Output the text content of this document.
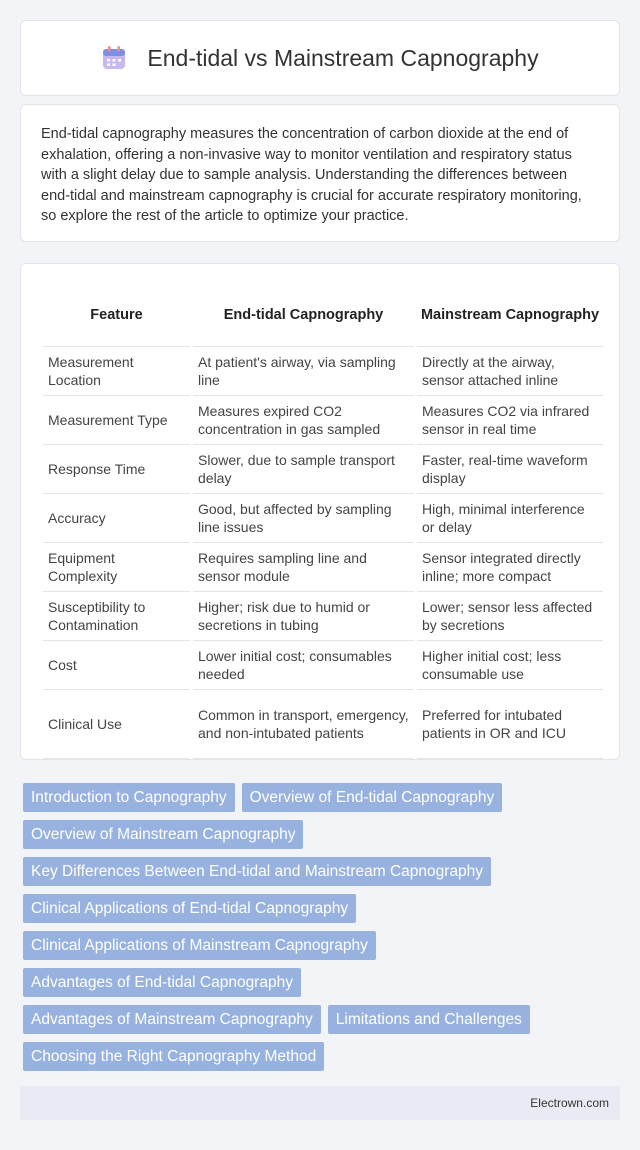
End-tidal vs Mainstream Capnography

End-tidal capnography measures the concentration of carbon dioxide at the end of exhalation, offering a non-invasive way to monitor ventilation and respiratory status with a slight delay due to sample analysis. Understanding the differences between end-tidal and mainstream capnography is crucial for accurate respiratory monitoring, so explore the rest of the article to optimize your practice.

Feature	End-tidal Capnography	Mainstream Capnography
Measurement Location	At patient's airway, via sampling line	Directly at the airway, sensor attached inline
Measurement Type	Measures expired CO2 concentration in gas sampled	Measures CO2 via infrared sensor in real time
Response Time	Slower, due to sample transport delay	Faster, real-time waveform display
Accuracy	Good, but affected by sampling line issues	High, minimal interference or delay
Equipment Complexity	Requires sampling line and sensor module	Sensor integrated directly inline; more compact
Susceptibility to Contamination	Higher; risk due to humid or secretions in tubing	Lower; sensor less affected by secretions
Cost	Lower initial cost; consumables needed	Higher initial cost; less consumable use
Clinical Use	Common in transport, emergency, and non-intubated patients	Preferred for intubated patients in OR and ICU
Introduction to Capnography	Overview of End-tidal Capnography
Overview of Mainstream Capnography
Key Differences Between End-tidal and Mainstream Capnography
Clinical Applications of End-tidal Capnography
Clinical Applications of Mainstream Capnography
Advantages of End-tidal Capnography
Advantages of Mainstream Capnography	Limitations and Challenges
Choosing the Right Capnography Method
Electrown.com
